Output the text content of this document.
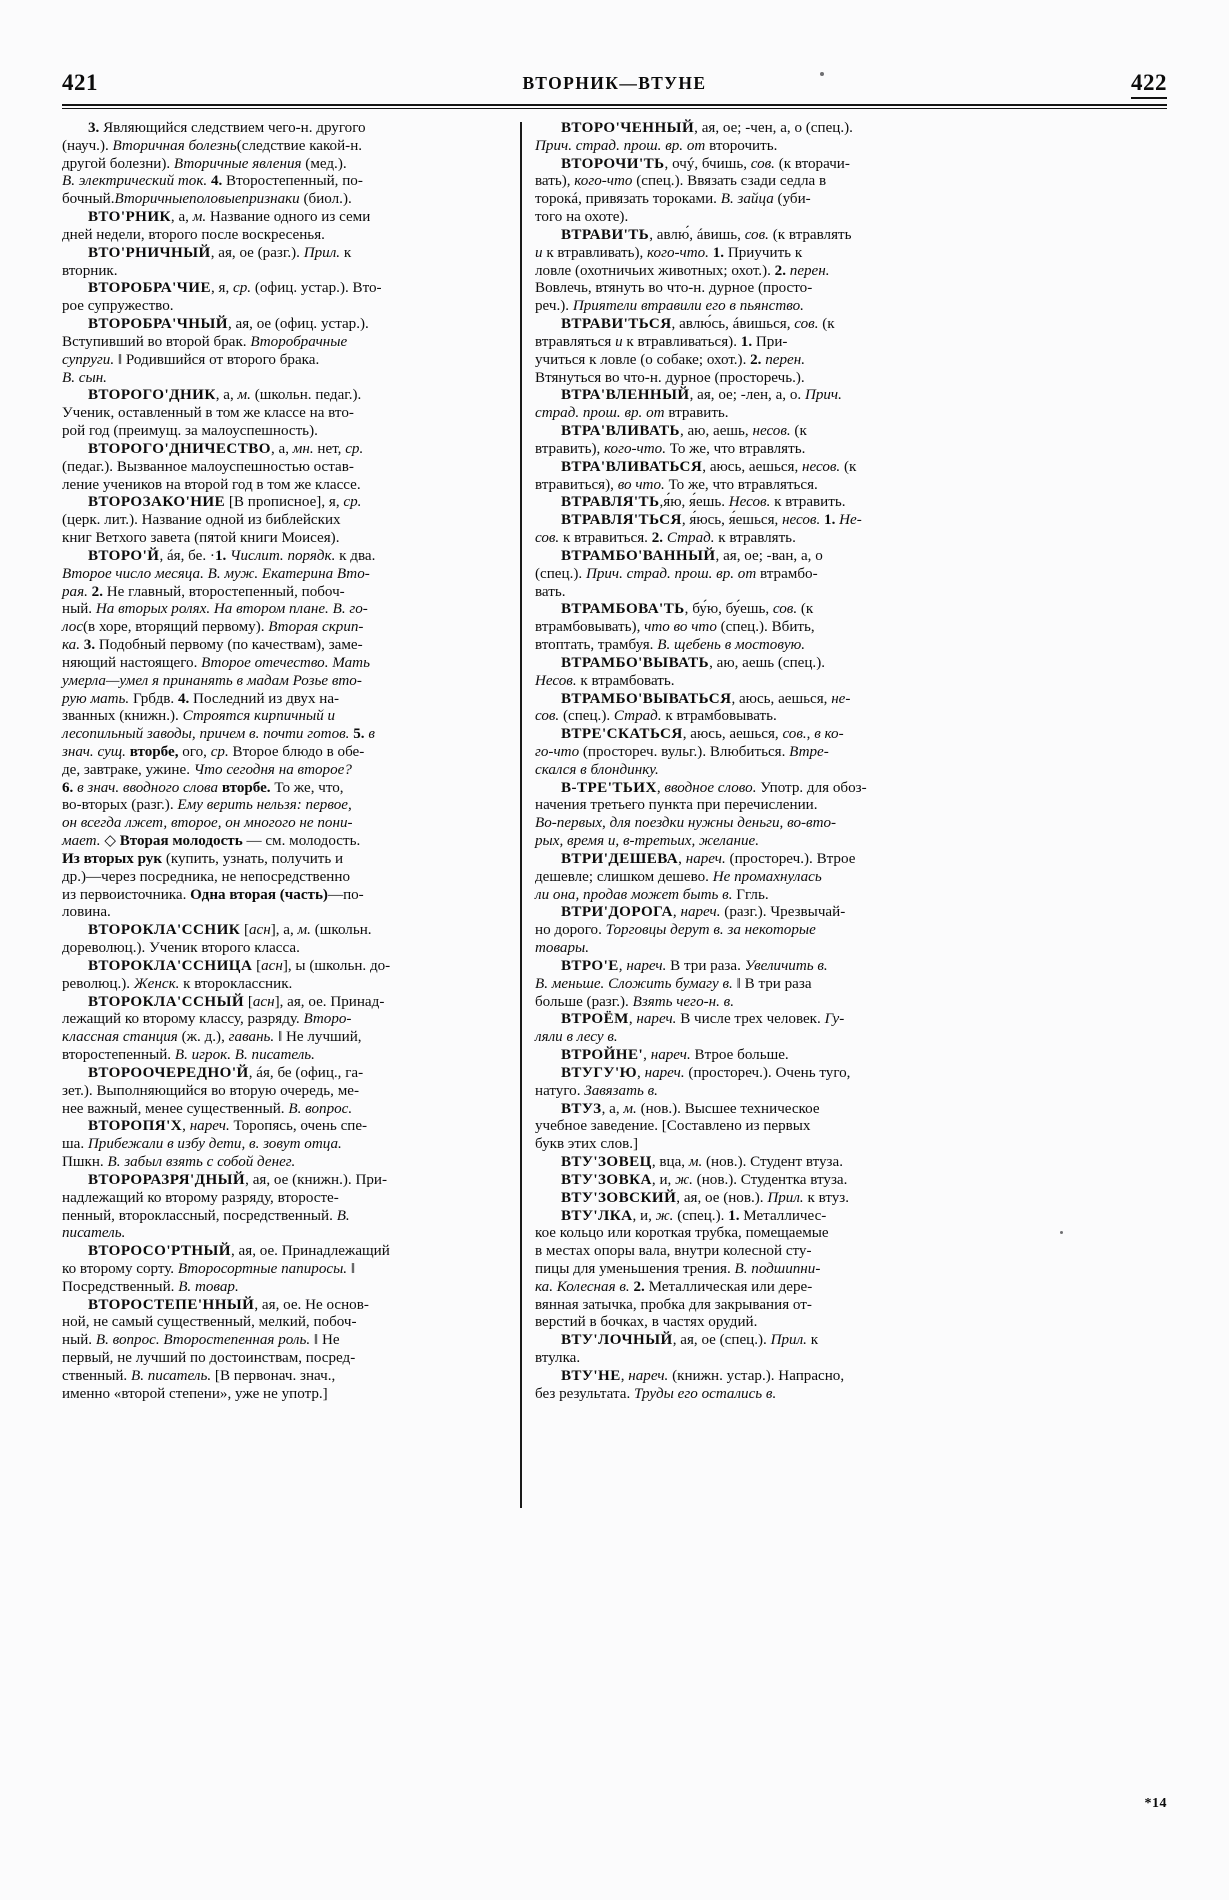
421	ВТОРНИК—ВТУНЕ	422

3. Являющийся следствием чего-н. другого

(науч.). Вторичная болезнь(следствие какой-н.

другой болезни). Вторичные явления (мед.).

В. электрический ток. 4. Второстепенный, по-

бочный.Вторичныеполовыепризнаки (биол.).

ВТО'РНИК, а, м. Название одного из семи

дней недели, второго после воскресенья.

ВТО'РНИЧНЫЙ, ая, ое (разг.). Прил. к

вторник.

ВТОРОБРА'ЧИЕ, я, ср. (офиц. устар.). Вто-

рое супружество.

ВТОРОБРА'ЧНЫЙ, ая, ое (офиц. устар.).

Вступивший во второй брак. Второбрачные

супруги. ‖ Родившийся от второго брака.

В. сын.

ВТОРОГО'ДНИК, а, м. (школьн. педаг.).

Ученик, оставленный в том же классе на вто-

рой год (преимущ. за малоуспешность).

ВТОРОГО'ДНИЧЕСТВО, а, мн. нет, ср.

(педаг.). Вызванное малоуспешностью остав-

ление учеников на второй год в том же классе.

ВТОРОЗАКО'НИЕ [В прописное], я, ср.

(церк. лит.). Название одной из библейских

книг Ветхого завета (пятой книги Моисея).

ВТОРО'Й, áя, бе. ·1. Числит. порядк. к два.

Второе число месяца. В. муж. Екатерина Вто-

рая. 2. Не главный, второстепенный, побоч-

ный. На вторых ролях. На втором плане. В. го-

лос(в хоре, вторящий первому). Вторая скрип-

ка. 3. Подобный первому (по качествам), заме-

няющий настоящего. Второе отечество. Мать

умерла—умел я принанять в мадам Розье вто-

рую мать. Грбдв. 4. Последний из двух на-

званных (книжн.). Строятся кирпичный и

лесопильный заводы, причем в. почти готов. 5. в

знач. сущ. вторбе, ого, ср. Второе блюдо в обе-

де, завтраке, ужине. Что сегодня на второе?

6. в знач. вводного слова вторбе. То же, что,

во-вторых (разг.). Ему верить нельзя: первое,

он всегда лжет, второе, он многого не пони-

мает. ◇ Вторая молодость — см. молодость.

Из вторых рук (купить, узнать, получить и

др.)—через посредника, не непосредственно

из первоисточника. Одна вторая (часть)—по-

ловина.

ВТОРОКЛА'ССНИК [асн], а, м. (школьн.

дореволюц.). Ученик второго класса.

ВТОРОКЛА'ССНИЦА [асн], ы (школьн. до-

революц.). Женск. к второклассник.

ВТОРОКЛА'ССНЫЙ [асн], ая, ое. Принад-

лежащий ко второму классу, разряду. Второ-

классная станция (ж. д.), гавань. ‖ Не лучший,

второстепенный. В. игрок. В. писатель.

ВТОРООЧЕРЕДНО'Й, áя, бе (офиц., га-

зет.). Выполняющийся во вторую очередь, ме-

нее важный, менее существенный. В. вопрос.

ВТОРОПЯ'Х, нареч. Торопясь, очень спе-

ша. Прибежали в избу дети, в. зовут отца.

Пшкн. В. забыл взять с собой денег.

ВТОРОРАЗРЯ'ДНЫЙ, ая, ое (книжн.). При-

надлежащий ко второму разряду, второсте-

пенный, второклассный, посредственный. В.

писатель.

ВТОРОСО'РТНЫЙ, ая, ое. Принадлежащий

ко второму сорту. Второсортные папиросы. ‖

Посредственный. В. товар.

ВТОРОСТЕПЕ'ННЫЙ, ая, ое. Не основ-

ной, не самый существенный, мелкий, побоч-

ный. В. вопрос. Второстепенная роль. ‖ Не

первый, не лучший по достоинствам, посред-

ственный. В. писатель. [В первонач. знач.,

именно «второй степени», уже не употр.]

ВТОРО'ЧЕННЫЙ, ая, ое; -чен, а, о (спец.).

Прич. страд. прош. вр. от второчить.

ВТОРОЧИ'ТЬ, очý, бчишь, сов. (к вторачи-

вать), кого-что (спец.). Ввязать сзади седла в

торокá, привязать тороками. В. зайца (уби-

того на охоте).

ВТРАВИ'ТЬ, авлю́, áвишь, сов. (к втравлять

и к втравливать), кого-что. 1. Приучить к

ловле (охотничьих животных; охот.). 2. перен.

Вовлечь, втянуть во что-н. дурное (просто-

реч.). Приятели втравили его в пьянство.

ВТРАВИ'ТЬСЯ, авлю́сь, áвишься, сов. (к

втравляться и к втравливаться). 1. При-

учиться к ловле (о собаке; охот.). 2. перен.

Втянуться во что-н. дурное (просторечь.).

ВТРА'ВЛЕННЫЙ, ая, ое; -лен, а, о. Прич.

страд. прош. вр. от втравить.

ВТРА'ВЛИВАТЬ, аю, аешь, несов. (к

втравить), кого-что. То же, что втравлять.

ВТРА'ВЛИВАТЬСЯ, аюсь, аешься, несов. (к

втравиться), во что. То же, что втравляться.

ВТРАВЛЯ'ТЬ,я́ю, я́ешь. Несов. к втравить.

ВТРАВЛЯ'ТЬСЯ, я́юсь, я́ешься, несов. 1. Не-

сов. к втравиться. 2. Страд. к втравлять.

ВТРАМБО'ВАННЫЙ, ая, ое; -ван, а, о

(спец.). Прич. страд. прош. вр. от втрамбо-

вать.

ВТРАМБОВА'ТЬ, бу́ю, бу́ешь, сов. (к

втрамбовывать), что во что (спец.). Вбить,

втоптать, трамбуя. В. щебень в мостовую.

ВТРАМБО'ВЫВАТЬ, аю, аешь (спец.).

Несов. к втрамбовать.

ВТРАМБО'ВЫВАТЬСЯ, аюсь, аешься, не-

сов. (спец.). Страд. к втрамбовывать.

ВТРЕ'СКАТЬСЯ, аюсь, аешься, сов., в ко-

го-что (простореч. вульг.). Влюбиться. Втре-

скался в блондинку.

В-ТРЕ'ТЬИХ, вводное слово. Употр. для обоз-

начения третьего пункта при перечислении.

Во-первых, для поездки нужны деньги, во-вто-

рых, время и, в-третьих, желание.

ВТРИ'ДЕШЕВА, нареч. (простореч.). Втрое

дешевле; слишком дешево. Не промахнулась

ли она, продав может быть в. Ггль.

ВТРИ'ДОРОГА, нареч. (разг.). Чрезвычай-

но дорого. Торговцы дерут в. за некоторые

товары.

ВТРО'Е, нареч. В три раза. Увеличить в.

В. меньше. Сложить бумагу в. ‖ В три раза

больше (разг.). Взять чего-н. в.

ВТРОЁМ, нареч. В числе трех человек. Гу-

ляли в лесу в.

ВТРОЙНЕ', нареч. Втрое больше.

ВТУГУ'Ю, нареч. (простореч.). Очень туго,

натуго. Завязать в.

ВТУЗ, а, м. (нов.). Высшее техническое

учебное заведение. [Составлено из первых

букв этих слов.]

ВТУ'ЗОВЕЦ, вца, м. (нов.). Студент втуза.

ВТУ'ЗОВКА, и, ж. (нов.). Студентка втуза.

ВТУ'ЗОВСКИЙ, ая, ое (нов.). Прил. к втуз.

ВТУ'ЛКА, и, ж. (спец.). 1. Металличес-

кое кольцо или короткая трубка, помещаемые

в местах опоры вала, внутри колесной сту-

пицы для уменьшения трения. В. подшипни-

ка. Колесная в. 2. Металлическая или дере-

вянная затычка, пробка для закрывания от-

верстий в бочках, в частях орудий.

ВТУ'ЛОЧНЫЙ, ая, ое (спец.). Прил. к

втулка.

ВТУ'НЕ, нареч. (книжн. устар.). Напрасно,

без результата. Труды его остались в.

*14
